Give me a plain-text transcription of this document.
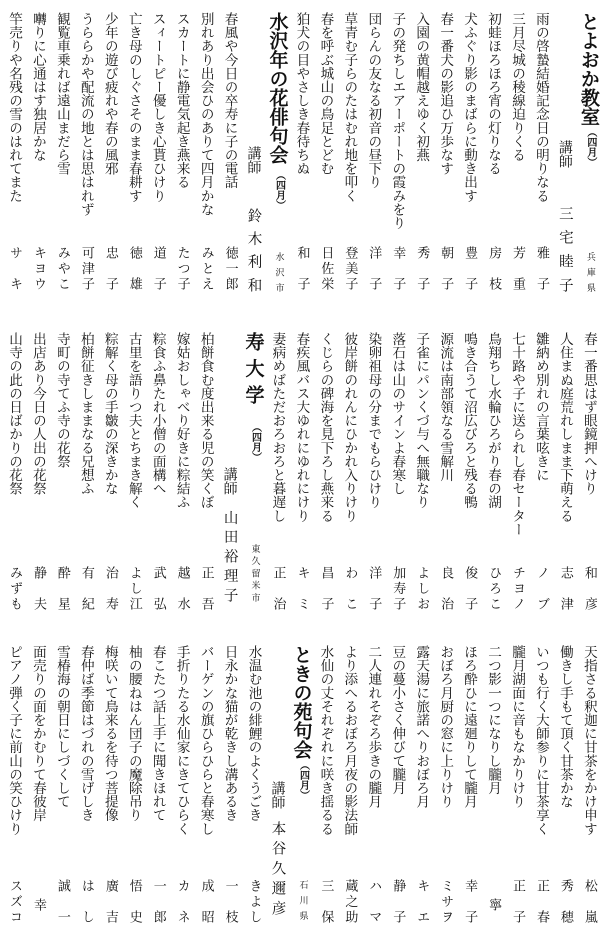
とよおか教室
（四月）
兵庫県
講師
三宅睦子
雨の啓蟄結婚記念日の明りなる
雅子
三月尽城の稜線迫りくる
芳重
初蛙ほろほろ宵の灯りなる
房枝
犬ふぐり影のまばらに動き出す
豊子
春一番犬の影追ひ万歩なす
朝子
入園の黄帽越えゆく初燕
秀子
子の発ちしエアーポートの霞みをり
幸子
団らんの友なる初音の昼下り
洋子
草青む子らのたはむれ地を叩く
登美子
春を呼ぶ城山の鳥足とどむ
日佐栄
狛犬の目やさしき春待ちぬ
和子
水沢年の花俳句会
（四月）
水沢市
講師
鈴木利和
春風や今日の卒寿に子の電話
徳一郎
別れあり出会ひのありて四月かな
みとえ
スカートに静電気起き燕来る
たつ子
スィートピー優しき心貰ひけり
道子
亡き母のしぐさそのまま春耕す
徳雄
少年の遊び疲れや春の風邪
忠子
うららかや配流の地とは思はれず
可津子
観覧車乗れば遠山まだら雪
みやこ
囀りに心通はす独居かな
キヨウ
竿売りや名残の雪のはれてまた
サキ
春一番思はず眼鏡押へけり
和彦
人住まぬ庭荒れしまま下萌える
志津
雛納め別れの言葉呟きに
ノブ
七十路や子に送られし春セーター
チヨノ
鳥翔ちし水輪ひろがり春の湖
ひろこ
鳴き合うて沼広びろと残る鴨
俊子
源流は南部領なる雪解川
良治
子雀にパンくづ与へ無職なり
よしお
落石は山のサインよ春寒し
加寿子
染卵祖母の分までもらひけり
洋子
彼岸餅のれんにひかれ入りけり
わこ
くじらの碑海を見下ろし燕来る
昌子
春疾風バス大ゆれにゆれにけり
キミ
妻病めばただおろおろと暮遅し
正治
寿大学
（四月）
東久留米市
講師
山田裕理子
柏餅食む度出来る児の笑くぼ
正吾
嫁姑おしゃべり好きに粽結ふ
越水
粽食ふ鼻たれ小僧の面構へ
武弘
古里を語りつ夫とちまき解く
よし江
粽解く母の手皺の深きかな
治寿
柏餅征きしままなる兄想ふ
有紀
寺町の寺てふ寺の花祭
酔星
出店あり今日の人出の花祭
静夫
山寺の此の日ばかりの花祭
みずも
天指さる釈迦に甘茶をかけ申す
松嵐
働きし手もて頂く甘茶かな
秀穂
いつも行く大師参りに甘茶享く
正春
朧月湖面に音もなかりけり
正子
二つ影一つになりし朧月
寧
ほろ酔ひに遠廻りして朧月
幸子
おぼろ月厨の窓に上りけり
ミサヲ
露天湯に旅諾へりおぼろ月
キエ
豆の蔓小さく伸びて朧月
静子
二人連れそぞろ歩きの朧月
ハマ
より添へるおぼろ月夜の影法師
蔵之助
水仙の丈それぞれに咲き揺るる
三保
ときの苑句会
（四月）
石川県
講師
本谷久邇彦
水温む池の緋鯉のよくうごき
きよし
日永かな猫が乾きし溝あるき
一枝
バーゲンの旗ひらひらと春寒し
成昭
手折りたる水仙家にきてひらく
カネ
春こたつ話上手に聞きほれて
一郎
柚の腰ねはん団子の魔除吊り
悟史
梅咲いて鳥来るを待つ菩提像
廣吉
春仲ば季節はづれの雪げしき
はし
雪椿海の朝日にしづくして
誠一
面売りの面をかむりて春彼岸
幸
ピアノ弾く子に前山の笑ひけり
スズコ
